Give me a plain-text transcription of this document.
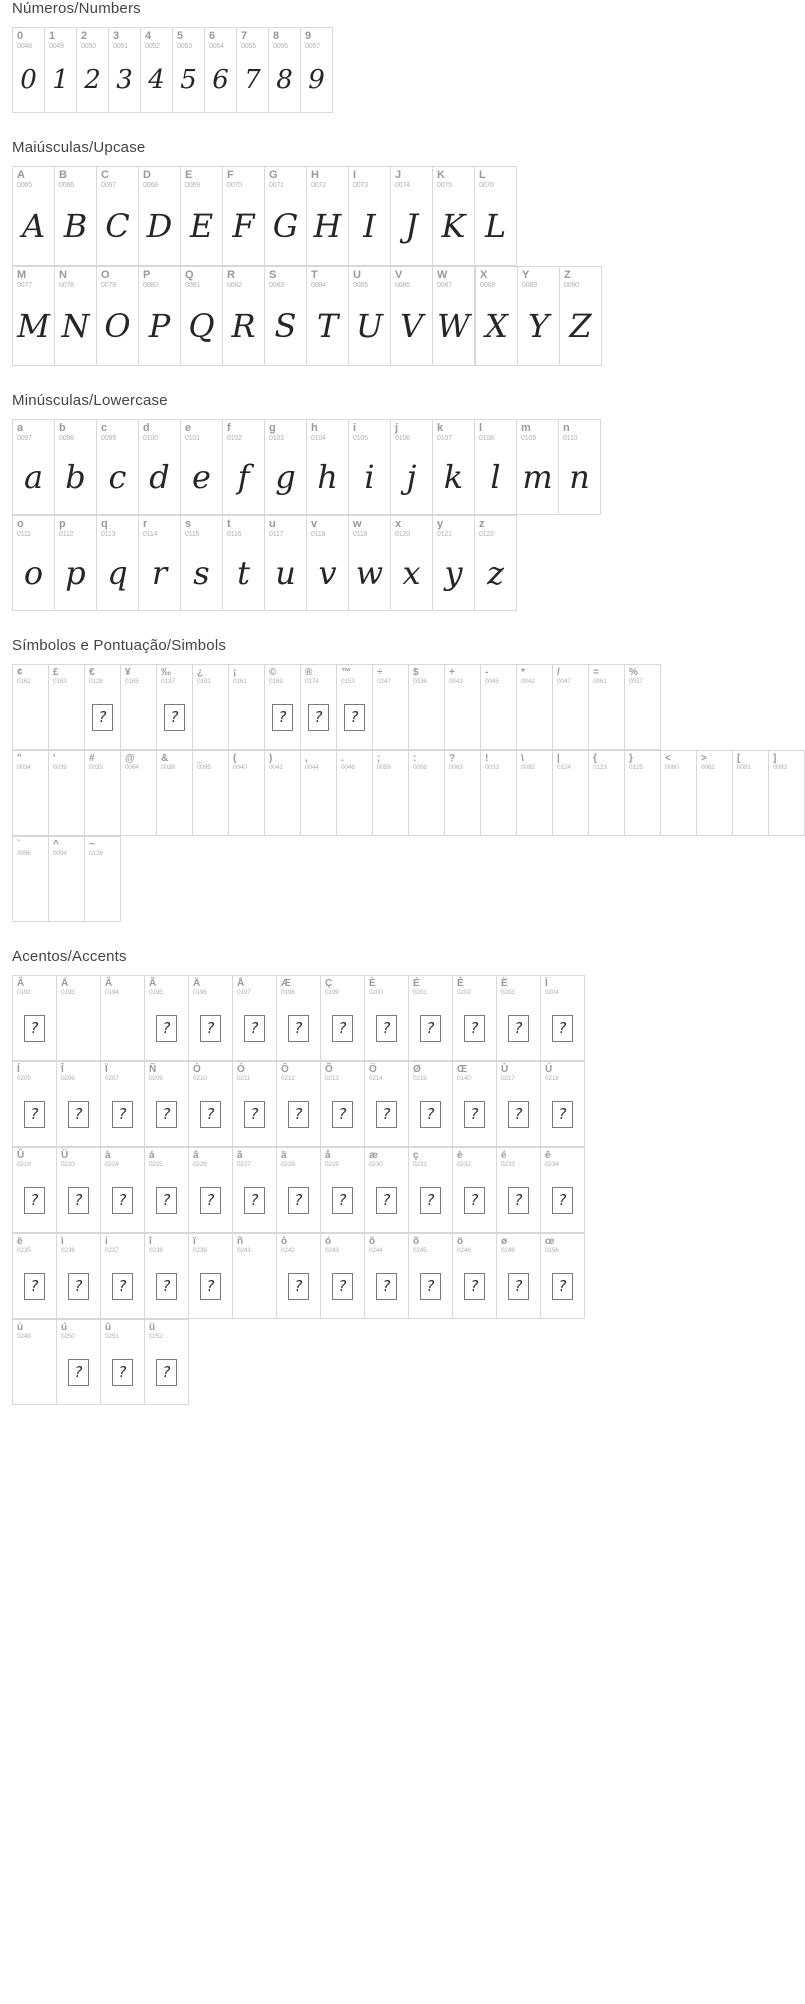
Números/Numbers
0
0048
0
1
0049
1
2
0050
2
3
0051
3
4
0052
4
5
0053
5
6
0054
6
7
0055
7
8
0056
8
9
0057
9
Maiúsculas/Upcase
A
0065
A
B
0066
B
C
0067
C
D
0068
D
E
0069
E
F
0070
F
G
0071
G
H
0072
H
I
0073
I
J
0074
J
K
0075
K
L
0076
L
M
0077
M
N
0078
N
O
0079
O
P
0080
P
Q
0081
Q
R
0082
R
S
0083
S
T
0084
T
U
0085
U
V
0086
V
W
0087
W
X
0088
X
Y
0089
Y
Z
0090
Z
Minúsculas/Lowercase
a
0097
a
b
0098
b
c
0099
c
d
0100
d
e
0101
e
f
0102
f
g
0103
g
h
0104
h
i
0105
i
j
0106
j
k
0107
k
l
0108
l
m
0109
m
n
0110
n
o
0111
o
p
0112
p
q
0113
q
r
0114
r
s
0115
s
t
0116
t
u
0117
u
v
0118
v
w
0119
w
x
0120
x
y
0121
y
z
0122
z
Símbolos e Pontuação/Simbols
¢
0162
£
0163
€
0128
?
¥
0165
‰
0137
?
¿
0191
¡
0161
©
0169
?
®
0174
?
™
0153
?
÷
0247
$
0036
+
0043
-
0045
*
0042
/
0047
=
0061
%
0037
"
0034
'
0039
#
0035
@
0064
&
0038
_
0095
(
0040
)
0041
,
0044
.
0046
;
0059
:
0058
?
0063
!
0033
\
0092
|
0124
{
0123
}
0125
<
0060
>
0062
[
0091
]
0093
`
0096
^
0094
~
0126
Acentos/Accents
Â
0192
?
Á
0193
Â
0194
Ã
0195
?
Ä
0196
?
Å
0197
?
Æ
0198
?
Ç
0199
?
È
0200
?
É
0201
?
Ê
0202
?
Ë
0203
?
Ì
0204
?
Í
0205
?
Î
0206
?
Ï
0207
?
Ñ
0209
?
Ò
0210
?
Ó
0211
?
Ô
0212
?
Õ
0213
?
Ö
0214
?
Ø
0216
?
Œ
0140
?
Ù
0217
?
Ú
0218
?
Û
0219
?
Ü
0220
?
à
0224
?
á
0225
?
â
0226
?
ã
0227
?
ä
0228
?
å
0229
?
æ
0230
?
ç
0231
?
è
0232
?
é
0233
?
ê
0234
?
ë
0235
?
ì
0236
?
í
0237
?
î
0238
?
ï
0239
?
ñ
0241
ò
0242
?
ó
0243
?
ô
0244
?
õ
0245
?
ö
0246
?
ø
0248
?
œ
0156
?
ù
0249
ú
0250
?
û
0251
?
ü
0252
?
